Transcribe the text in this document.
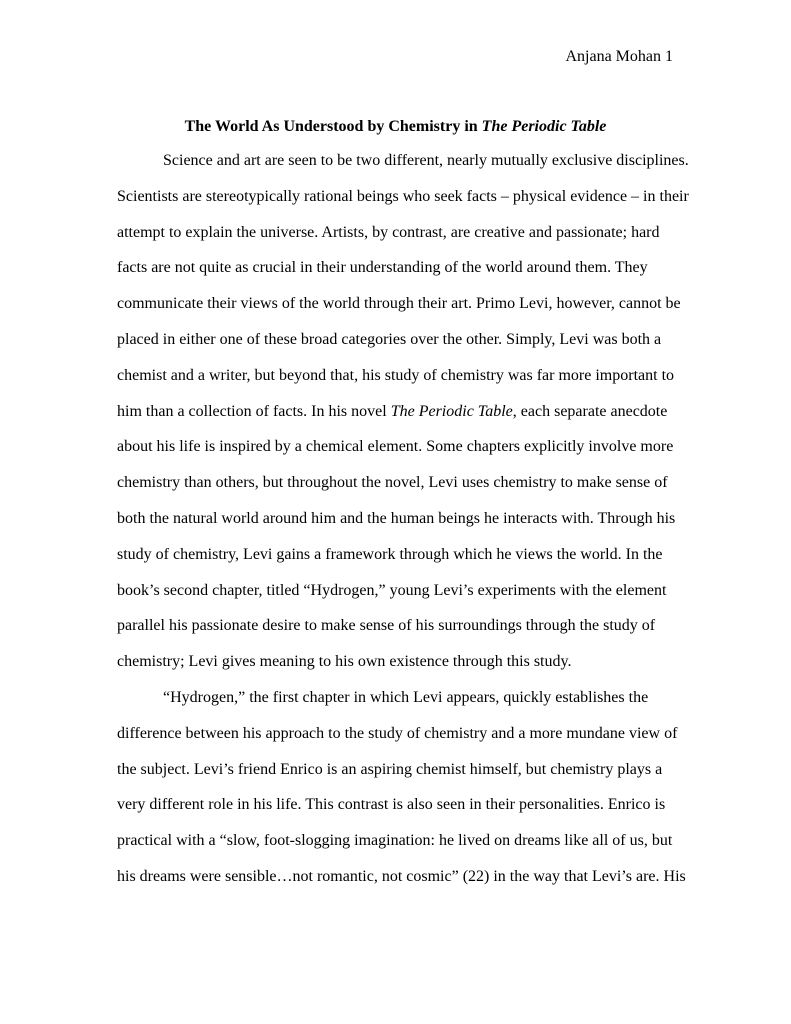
Anjana Mohan 1
The World As Understood by Chemistry in The Periodic Table
Science and art are seen to be two different, nearly mutually exclusive disciplines.
Scientists are stereotypically rational beings who seek facts – physical evidence – in their
attempt to explain the universe. Artists, by contrast, are creative and passionate; hard
facts are not quite as crucial in their understanding of the world around them. They
communicate their views of the world through their art. Primo Levi, however, cannot be
placed in either one of these broad categories over the other. Simply, Levi was both a
chemist and a writer, but beyond that, his study of chemistry was far more important to
him than a collection of facts. In his novel The Periodic Table, each separate anecdote
about his life is inspired by a chemical element. Some chapters explicitly involve more
chemistry than others, but throughout the novel, Levi uses chemistry to make sense of
both the natural world around him and the human beings he interacts with. Through his
study of chemistry, Levi gains a framework through which he views the world. In the
book’s second chapter, titled “Hydrogen,” young Levi’s experiments with the element
parallel his passionate desire to make sense of his surroundings through the study of
chemistry; Levi gives meaning to his own existence through this study.
“Hydrogen,” the first chapter in which Levi appears, quickly establishes the
difference between his approach to the study of chemistry and a more mundane view of
the subject. Levi’s friend Enrico is an aspiring chemist himself, but chemistry plays a
very different role in his life. This contrast is also seen in their personalities. Enrico is
practical with a “slow, foot-slogging imagination: he lived on dreams like all of us, but
his dreams were sensible…not romantic, not cosmic” (22) in the way that Levi’s are. His
